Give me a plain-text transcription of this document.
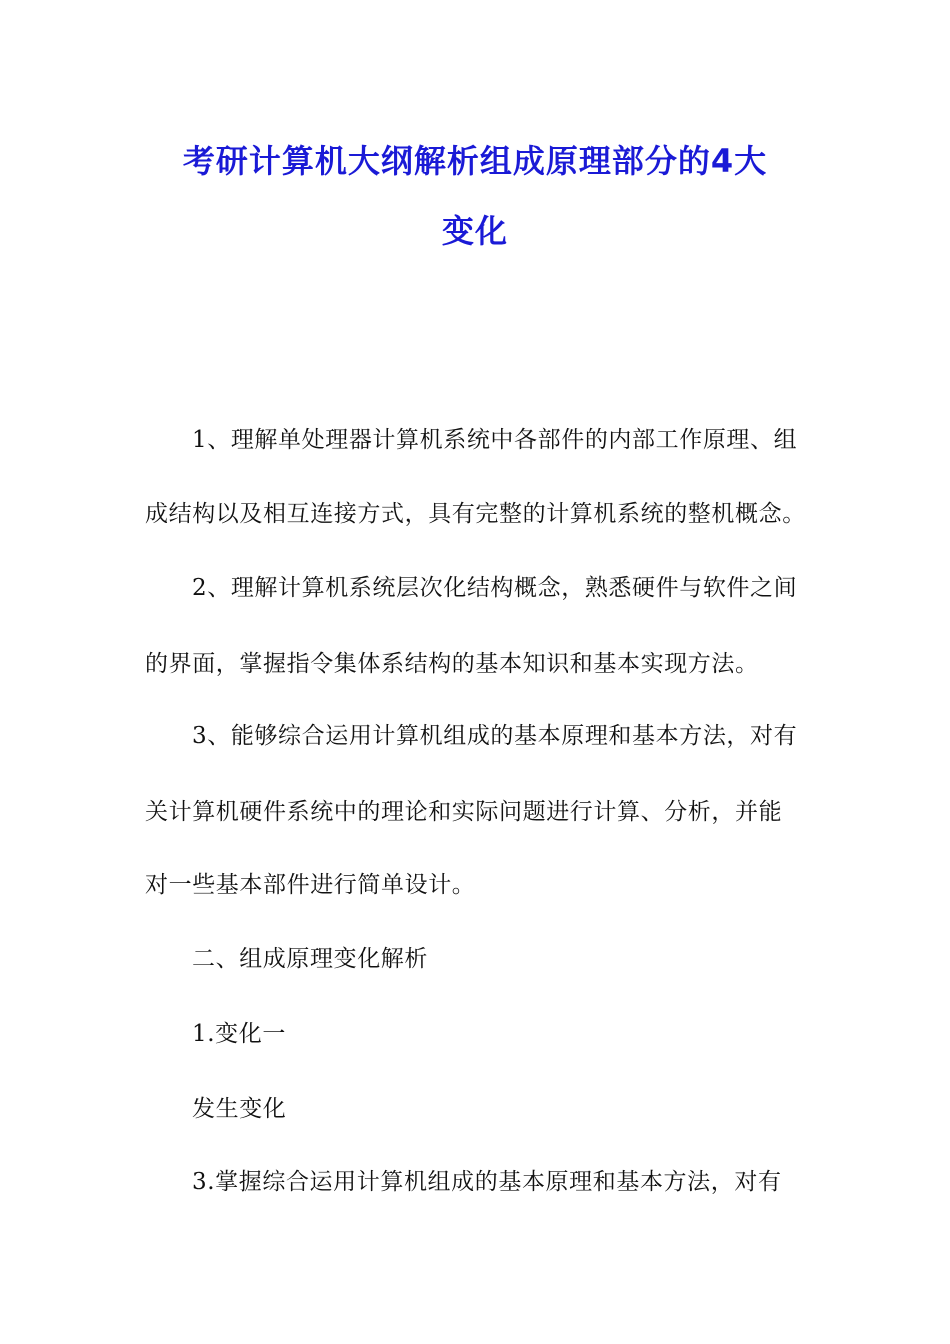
考研计算机大纲解析组成原理部分的4大
变化
1、理解单处理器计算机系统中各部件的内部工作原理、组
成结构以及相互连接方式，具有完整的计算机系统的整机概念。
2、理解计算机系统层次化结构概念，熟悉硬件与软件之间
的界面，掌握指令集体系结构的基本知识和基本实现方法。
3、能够综合运用计算机组成的基本原理和基本方法，对有
关计算机硬件系统中的理论和实际问题进行计算、分析，并能
对一些基本部件进行简单设计。
二、组成原理变化解析
1.变化一
发生变化
3.掌握综合运用计算机组成的基本原理和基本方法，对有
